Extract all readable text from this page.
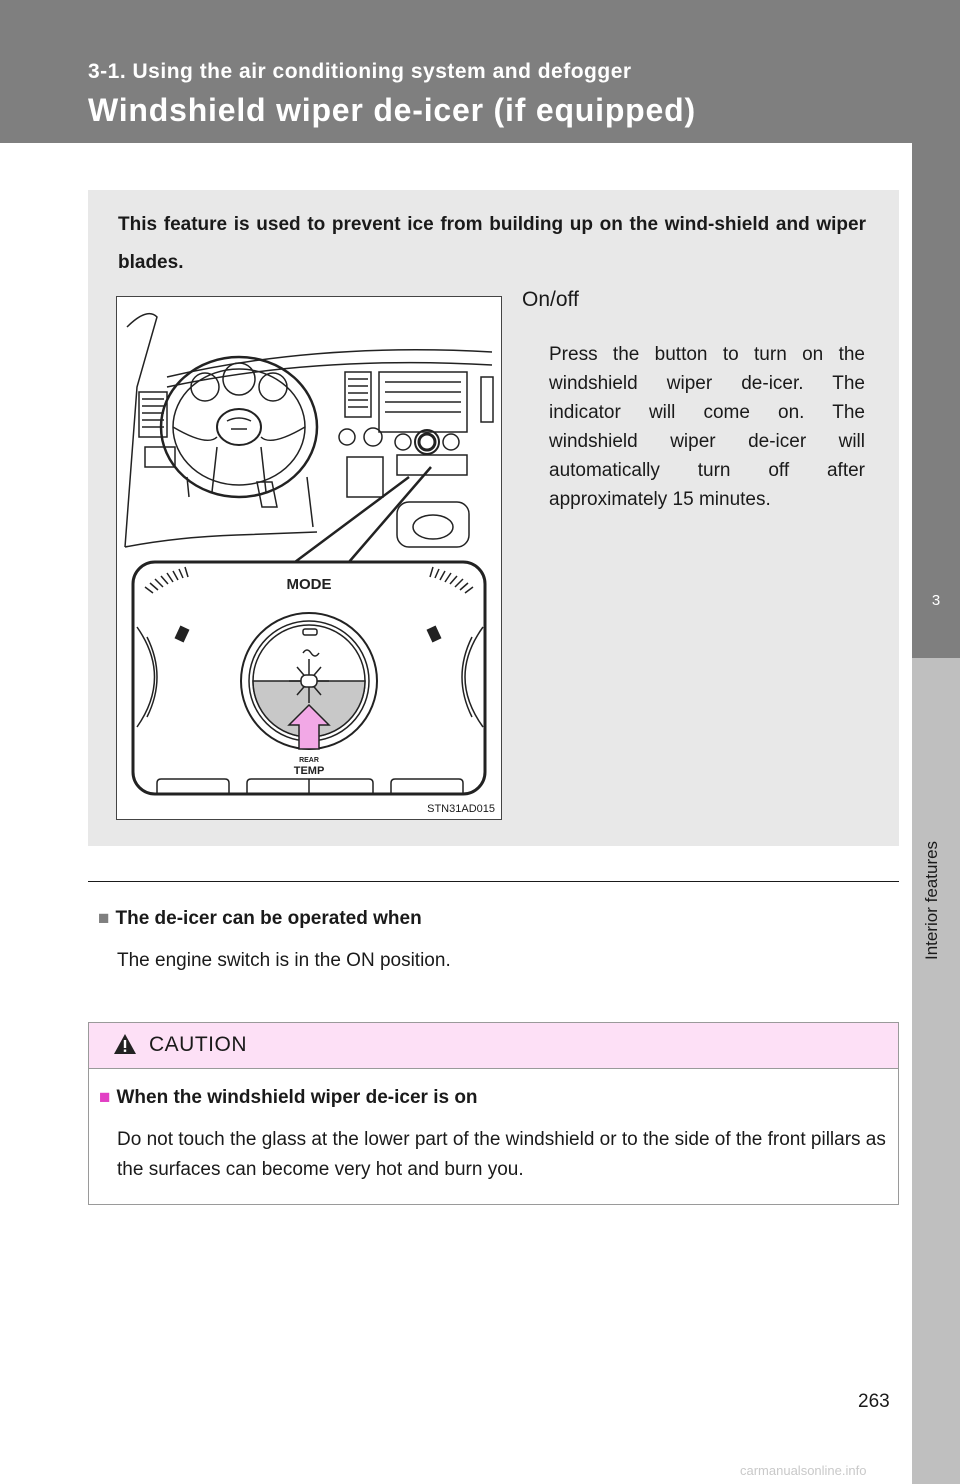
3-1. Using the air conditioning system and defogger
Windshield wiper de-icer (if equipped)
3
Interior features
This feature is used to prevent ice from building up on the wind-shield and wiper blades.
MODE
REAR
TEMP
STN31AD015
On/off
Press the button to turn on the windshield wiper de-icer. The indicator will come on. The windshield wiper de-icer will automatically turn off after approximately 15 minutes.
■ The de-icer can be operated when
The engine switch is in the ON position.
CAUTION
■ When the windshield wiper de-icer is on
Do not touch the glass at the lower part of the windshield or to the side of the front pillars as the surfaces can become very hot and burn you.
263
carmanualsonline.info
